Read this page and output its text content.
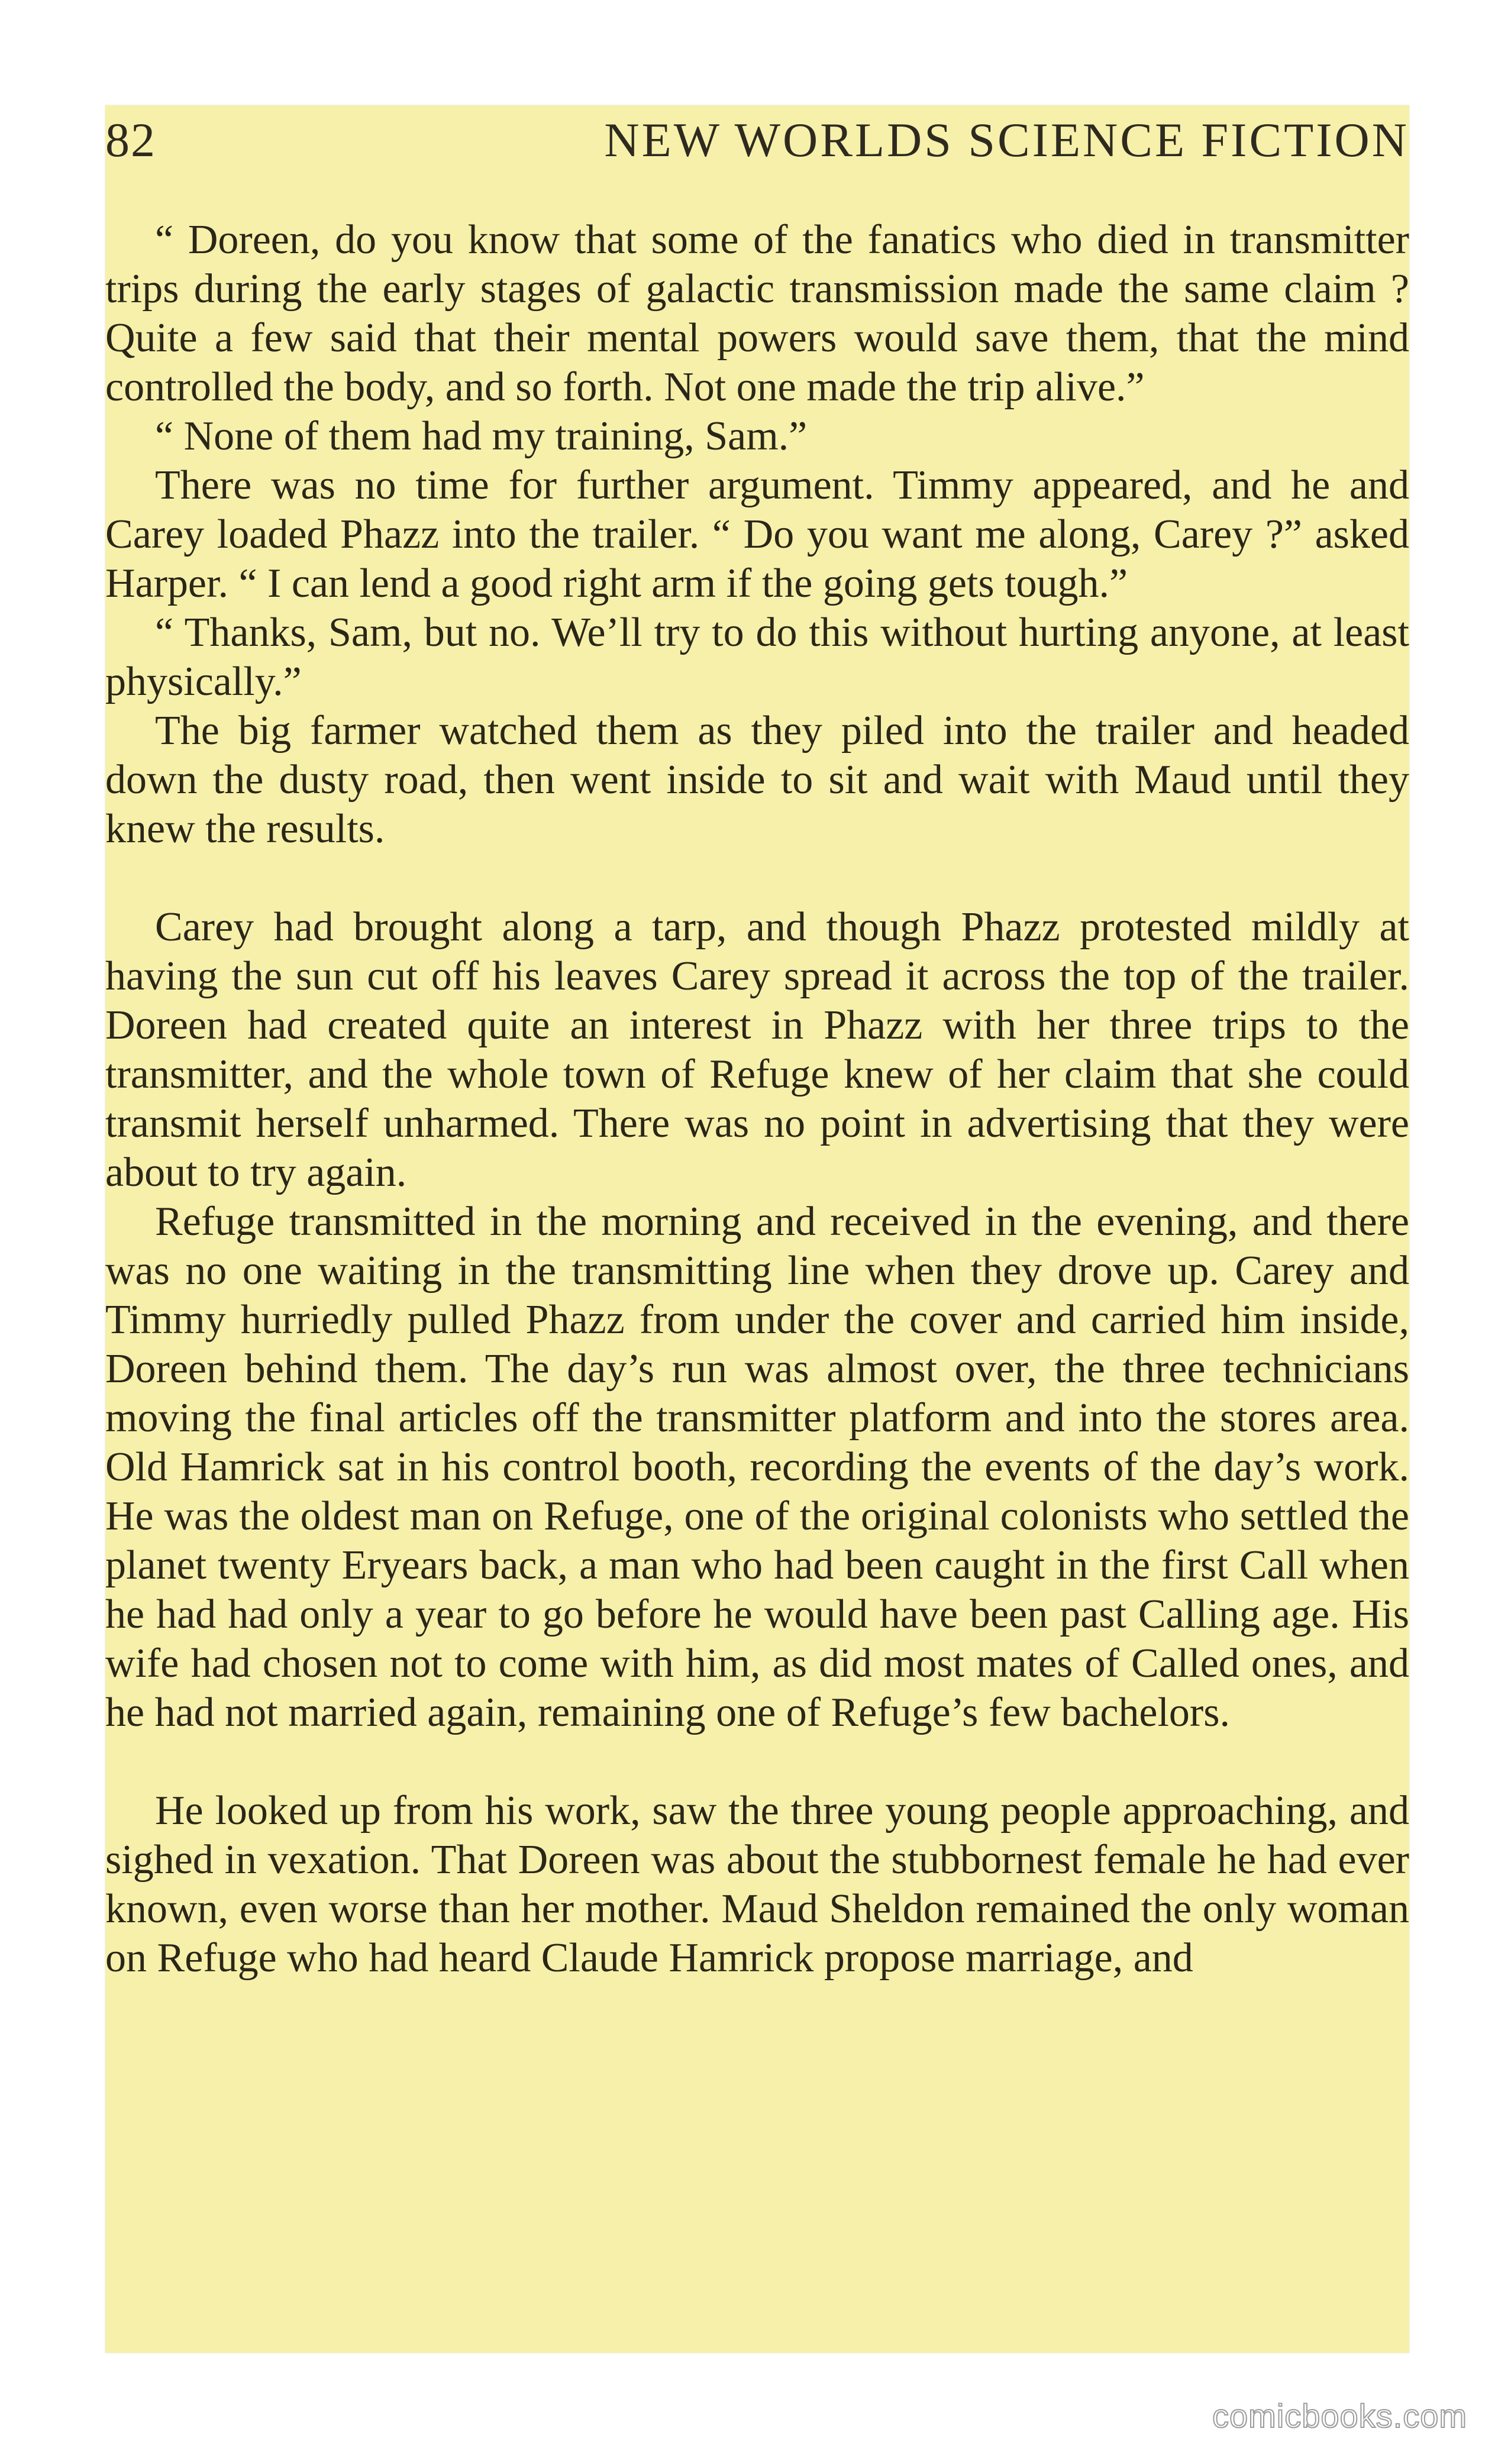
82	NEW WORLDS SCIENCE FICTION

“ Doreen, do you know that some of the fanatics who died in transmitter trips during the early stages of galactic transmission made the same claim ? Quite a few said that their mental powers would save them, that the mind controlled the body, and so forth. Not one made the trip alive.”

“ None of them had my training, Sam.”

There was no time for further argument. Timmy appeared, and he and Carey loaded Phazz into the trailer. “ Do you want me along, Carey ?” asked Harper. “ I can lend a good right arm if the going gets tough.”

“ Thanks, Sam, but no. We’ll try to do this without hurting anyone, at least physically.”

The big farmer watched them as they piled into the trailer and headed down the dusty road, then went inside to sit and wait with Maud until they knew the results.

Carey had brought along a tarp, and though Phazz protested mildly at having the sun cut off his leaves Carey spread it across the top of the trailer. Doreen had created quite an interest in Phazz with her three trips to the transmitter, and the whole town of Refuge knew of her claim that she could transmit herself unharmed. There was no point in advertising that they were about to try again.

Refuge transmitted in the morning and received in the evening, and there was no one waiting in the transmitting line when they drove up. Carey and Timmy hurriedly pulled Phazz from under the cover and carried him inside, Doreen behind them. The day’s run was almost over, the three technicians moving the final articles off the transmitter platform and into the stores area. Old Hamrick sat in his control booth, recording the events of the day’s work. He was the oldest man on Refuge, one of the original colonists who settled the planet twenty Eryears back, a man who had been caught in the first Call when he had had only a year to go before he would have been past Calling age. His wife had chosen not to come with him, as did most mates of Called ones, and he had not married again, remaining one of Refuge’s few bachelors.

He looked up from his work, saw the three young people approaching, and sighed in vexation. That Doreen was about the stubbornest female he had ever known, even worse than her mother. Maud Sheldon remained the only woman on Refuge who had heard Claude Hamrick propose marriage, and

comicbooks.com
